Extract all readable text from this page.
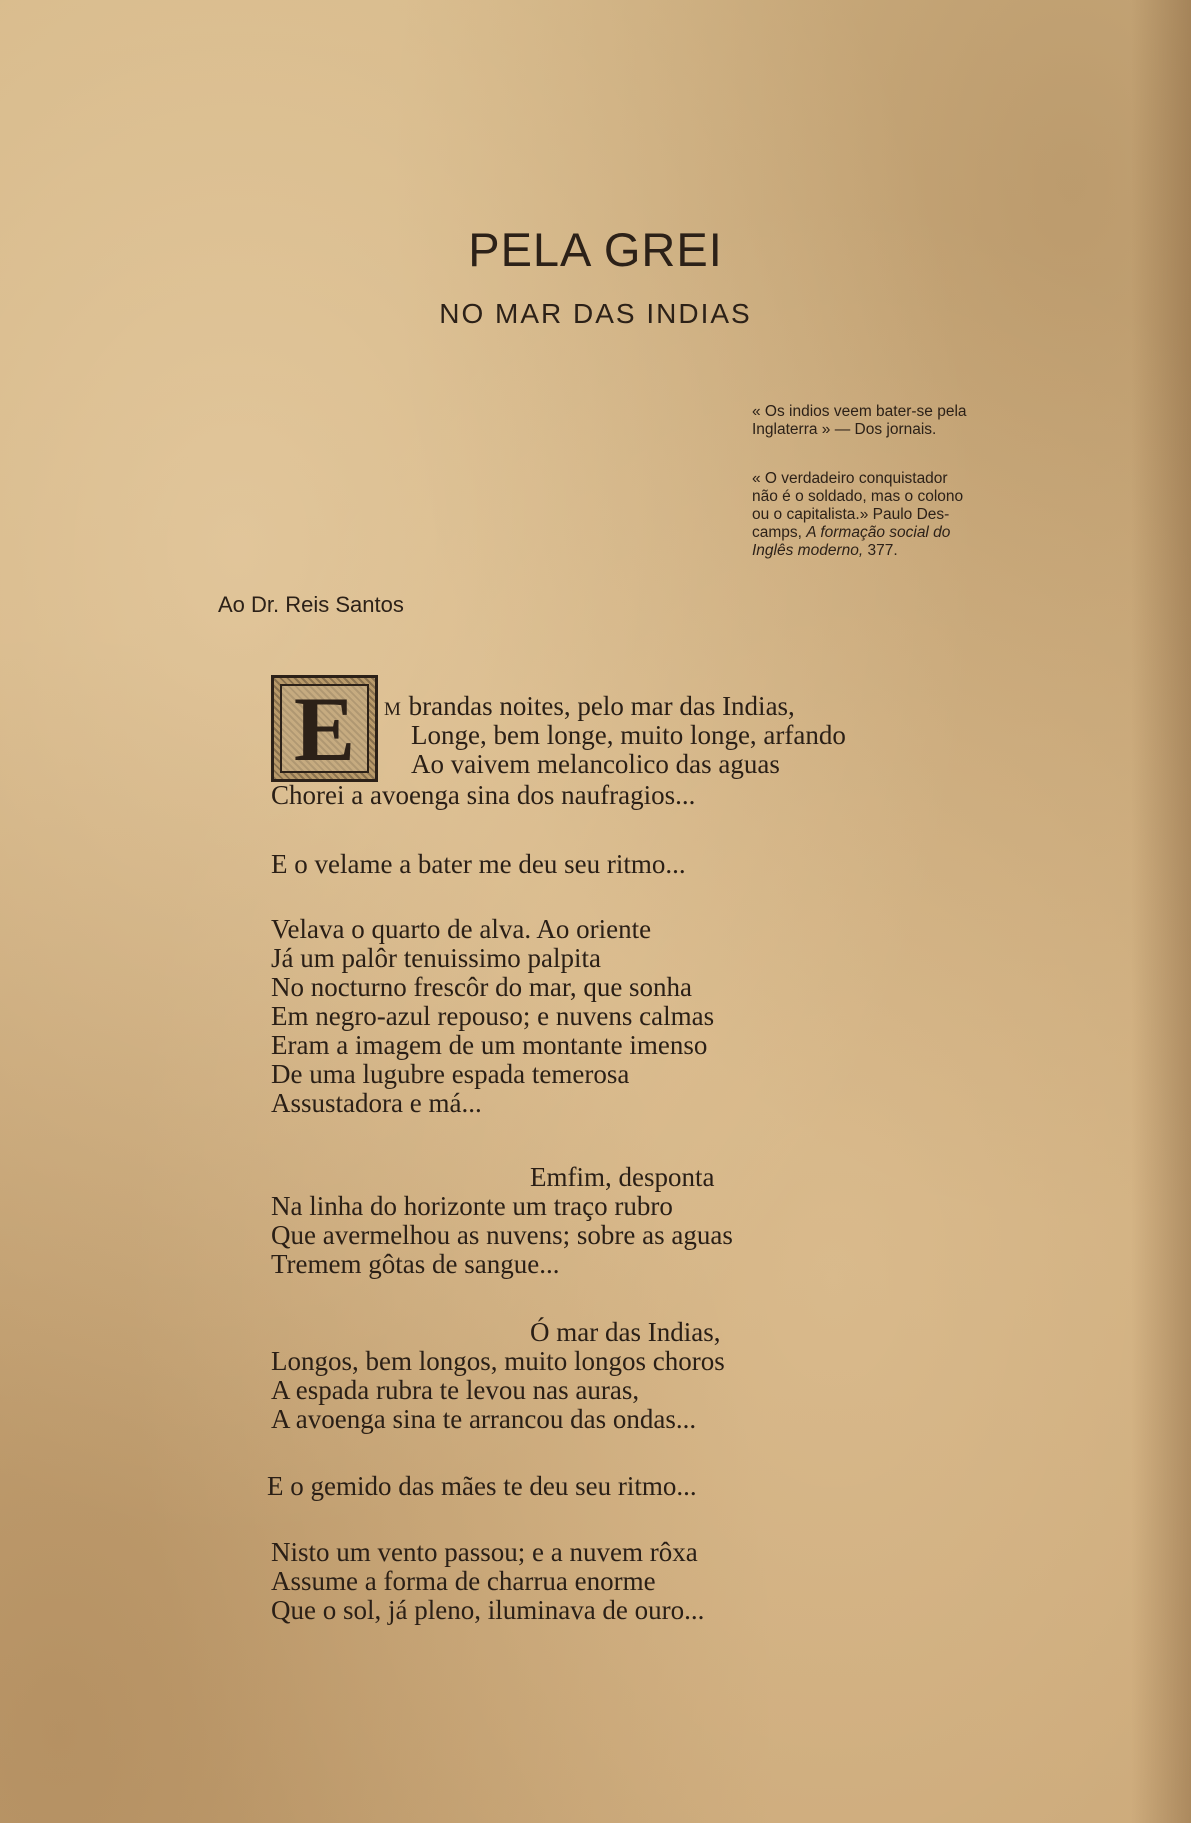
PELA GREI
NO MAR DAS INDIAS
« Os indios veem bater-se pela
Inglaterra » — Dos jornais.
« O verdadeiro conquistador
não é o soldado, mas o colono
ou o capitalista.» Paulo Des-
camps, A formação social do
Inglês moderno, 377.
Ao Dr. Reis Santos
E	M brandas noites, pelo mar das Indias,
Longe, bem longe, muito longe, arfando
Ao vaivem melancolico das aguas
Chorei a avoenga sina dos naufragios...
E o velame a bater me deu seu ritmo...
Velava o quarto de alva. Ao oriente
Já um palôr tenuissimo palpita
No nocturno frescôr do mar, que sonha
Em negro-azul repouso; e nuvens calmas
Eram a imagem de um montante imenso
De uma lugubre espada temerosa
Assustadora e má...
Emfim, desponta
Na linha do horizonte um traço rubro
Que avermelhou as nuvens; sobre as aguas
Tremem gôtas de sangue...
Ó mar das Indias,
Longos, bem longos, muito longos choros
A espada rubra te levou nas auras,
A avoenga sina te arrancou das ondas...
E o gemido das mães te deu seu ritmo...
Nisto um vento passou; e a nuvem rôxa
Assume a forma de charrua enorme
Que o sol, já pleno, iluminava de ouro...
